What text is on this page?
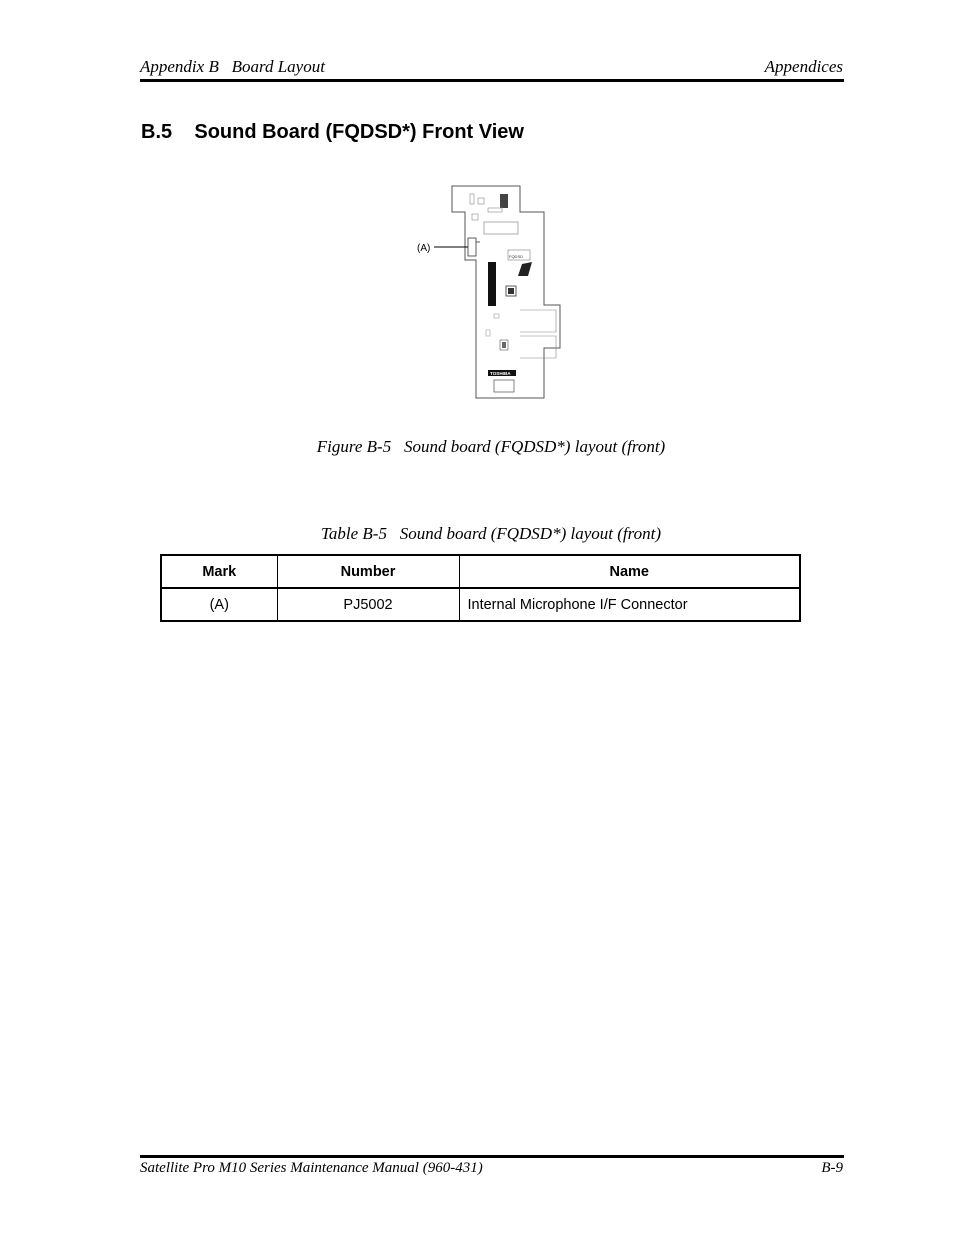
Appendix B   Board Layout	Appendices
B.5    Sound Board (FQDSD*) Front View
FQDSD
TOSHIBA
(A)
Figure B-5   Sound board (FQDSD*) layout (front)
Table B-5   Sound board (FQDSD*) layout (front)
Mark	Number	Name
(A)	PJ5002	Internal Microphone I/F Connector
Satellite Pro M10 Series Maintenance Manual (960-431)	B-9
